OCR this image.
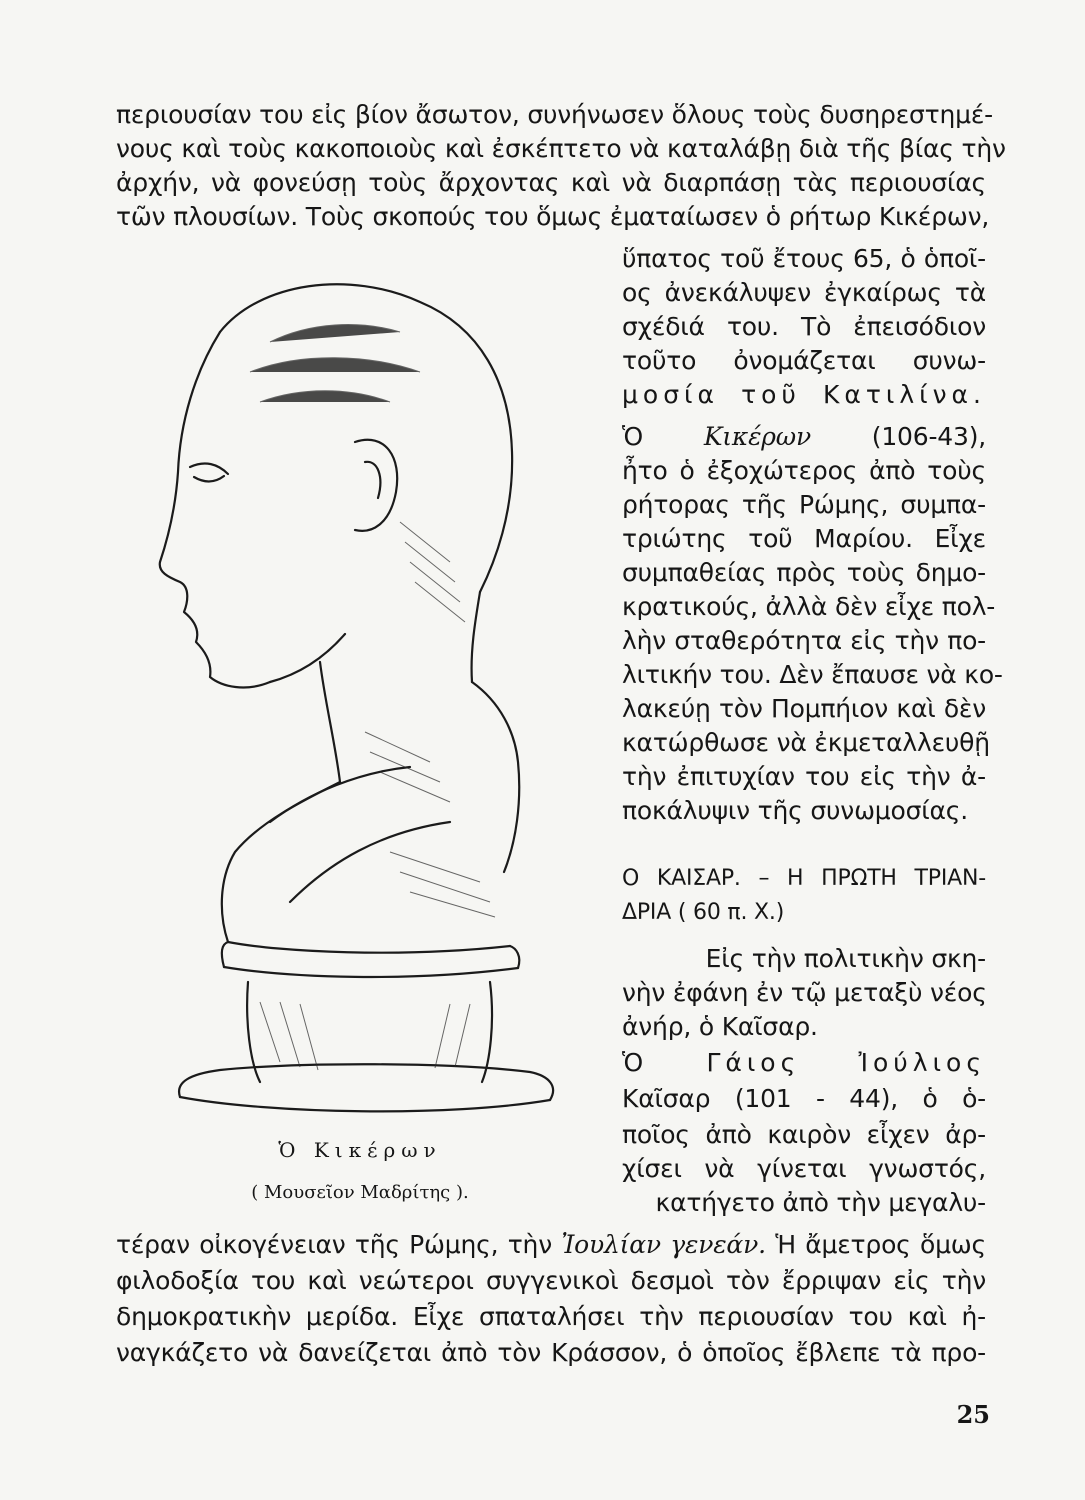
περιουσίαν του εἰς βίον ἄσωτον, συνήνωσεν ὅλους τοὺς δυσηρεστημέ-
νους καὶ τοὺς κακοποιοὺς καὶ ἐσκέπτετο νὰ καταλάβῃ διὰ τῆς βίας τὴν
ἀρχήν, νὰ φονεύσῃ τοὺς ἄρχοντας καὶ νὰ διαρπάσῃ τὰς περιουσίας
τῶν πλουσίων. Τοὺς σκοπούς του ὅμως ἐματαίωσεν ὁ ρήτωρ Κικέρων,
ὕπατος τοῦ ἔτους 65, ὁ ὁποῖ-
ος ἀνεκάλυψεν ἐγκαίρως τὰ
σχέδιά του. Τὸ ἐπεισόδιον
τοῦτο ὀνομάζεται συνω-
μοσία τοῦ Κατιλίνα.
Ὁ Κικέρων (106-43),
ἦτο ὁ ἐξοχώτερος ἀπὸ τοὺς
ρήτορας τῆς Ρώμης, συμπα-
τριώτης τοῦ Μαρίου. Εἶχε
συμπαθείας πρὸς τοὺς δημο-
κρατικούς, ἀλλὰ δὲν εἶχε πολ-
λὴν σταθερότητα εἰς τὴν πο-
λιτικήν του. Δὲν ἔπαυσε νὰ κο-
λακεύῃ τὸν Πομπήιον καὶ δὲν
κατώρθωσε νὰ ἐκμεταλλευθῇ
τὴν ἐπιτυχίαν του εἰς τὴν ἀ-
ποκάλυψιν τῆς συνωμοσίας.
Ο ΚΑΙΣΑΡ. – Η ΠΡΩΤΗ ΤΡΙΑΝ-
ΔΡΙΑ ( 60 π. Χ.)
Εἰς τὴν πολιτικὴν σκη-
νὴν ἐφάνη ἐν τῷ μεταξὺ νέος
ἀνήρ, ὁ Καῖσαρ.
Ὁ Γάιος Ἰούλιος
Καῖσαρ (101 - 44), ὁ ὁ-
ποῖος ἀπὸ καιρὸν εἶχεν ἀρ-
χίσει νὰ γίνεται γνωστός,
κατήγετο ἀπὸ τὴν μεγαλυ-
Ὁ Κικέρων
( Μουσεῖον Μαδρίτης ).
τέραν οἰκογένειαν τῆς Ρώμης, τὴν Ἰουλίαν γενεάν. Ἡ ἄμετρος ὅμως
φιλοδοξία του καὶ νεώτεροι συγγενικοὶ δεσμοὶ τὸν ἔρριψαν εἰς τὴν
δημοκρατικὴν μερίδα. Εἶχε σπαταλήσει τὴν περιουσίαν του καὶ ἠ-
ναγκάζετο νὰ δανείζεται ἀπὸ τὸν Κράσσον, ὁ ὁποῖος ἔβλεπε τὰ προ-
25
